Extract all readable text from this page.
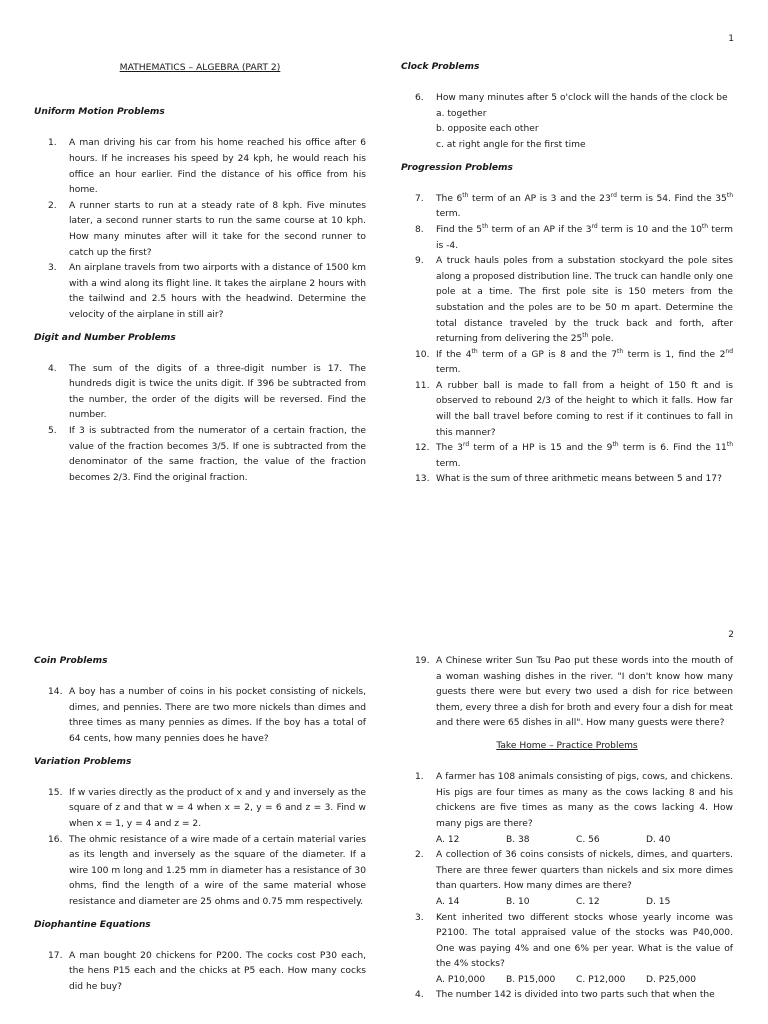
1

MATHEMATICS – ALGEBRA (PART 2)

Uniform Motion Problems

1. A man driving his car from his home reached his office after 6 hours. If he increases his speed by 24 kph, he would reach his office an hour earlier. Find the distance of his office from his home.
2. A runner starts to run at a steady rate of 8 kph. Five minutes later, a second runner starts to run the same course at 10 kph. How many minutes after will it take for the second runner to catch up the first?
3. An airplane travels from two airports with a distance of 1500 km with a wind along its flight line. It takes the airplane 2 hours with the tailwind and 2.5 hours with the headwind. Determine the velocity of the airplane in still air?

Digit and Number Problems

4. The sum of the digits of a three-digit number is 17. The hundreds digit is twice the units digit. If 396 be subtracted from the number, the order of the digits will be reversed. Find the number.
5. If 3 is subtracted from the numerator of a certain fraction, the value of the fraction becomes 3/5. If one is subtracted from the denominator of the same fraction, the value of the fraction becomes 2/3. Find the original fraction.

Clock Problems

6. How many minutes after 5 o'clock will the hands of the clock be
a. together
b. opposite each other
c. at right angle for the first time

Progression Problems

7. The 6th term of an AP is 3 and the 23rd term is 54. Find the 35th term.
8. Find the 5th term of an AP if the 3rd term is 10 and the 10th term is -4.
9. A truck hauls poles from a substation stockyard the pole sites along a proposed distribution line. The truck can handle only one pole at a time. The first pole site is 150 meters from the substation and the poles are to be 50 m apart. Determine the total distance traveled by the truck back and forth, after returning from delivering the 25th pole.
10. If the 4th term of a GP is 8 and the 7th term is 1, find the 2nd term.
11. A rubber ball is made to fall from a height of 150 ft and is observed to rebound 2/3 of the height to which it falls. How far will the ball travel before coming to rest if it continues to fall in this manner?
12. The 3rd term of a HP is 15 and the 9th term is 6. Find the 11th term.
13. What is the sum of three arithmetic means between 5 and 17?
2

Coin Problems

14. A boy has a number of coins in his pocket consisting of nickels, dimes, and pennies. There are two more nickels than dimes and three times as many pennies as dimes. If the boy has a total of 64 cents, how many pennies does he have?

Variation Problems

15. If w varies directly as the product of x and y and inversely as the square of z and that w = 4 when x = 2, y = 6 and z = 3. Find w when x = 1, y = 4 and z = 2.
16. The ohmic resistance of a wire made of a certain material varies as its length and inversely as the square of the diameter. If a wire 100 m long and 1.25 mm in diameter has a resistance of 30 ohms, find the length of a wire of the same material whose resistance and diameter are 25 ohms and 0.75 mm respectively.

Diophantine Equations

17. A man bought 20 chickens for P200. The cocks cost P30 each, the hens P15 each and the chicks at P5 each. How many cocks did he buy?
19. A Chinese writer Sun Tsu Pao put these words into the mouth of a woman washing dishes in the river. "I don't know how many guests there were but every two used a dish for rice between them, every three a dish for broth and every four a dish for meat and there were 65 dishes in all". How many guests were there?

Take Home – Practice Problems

1. A farmer has 108 animals consisting of pigs, cows, and chickens. His pigs are four times as many as the cows lacking 8 and his chickens are five times as many as the cows lacking 4. How many pigs are there?
A. 12	B. 38	C. 56	D. 40
2. A collection of 36 coins consists of nickels, dimes, and quarters. There are three fewer quarters than nickels and six more dimes than quarters. How many dimes are there?
A. 14	B. 10	C. 12	D. 15
3. Kent inherited two different stocks whose yearly income was P2100. The total appraised value of the stocks was P40,000. One was paying 4% and one 6% per year. What is the value of the 4% stocks?
A. P10,000	B. P15,000	C. P12,000	D. P25,000
4. The number 142 is divided into two parts such that when the
